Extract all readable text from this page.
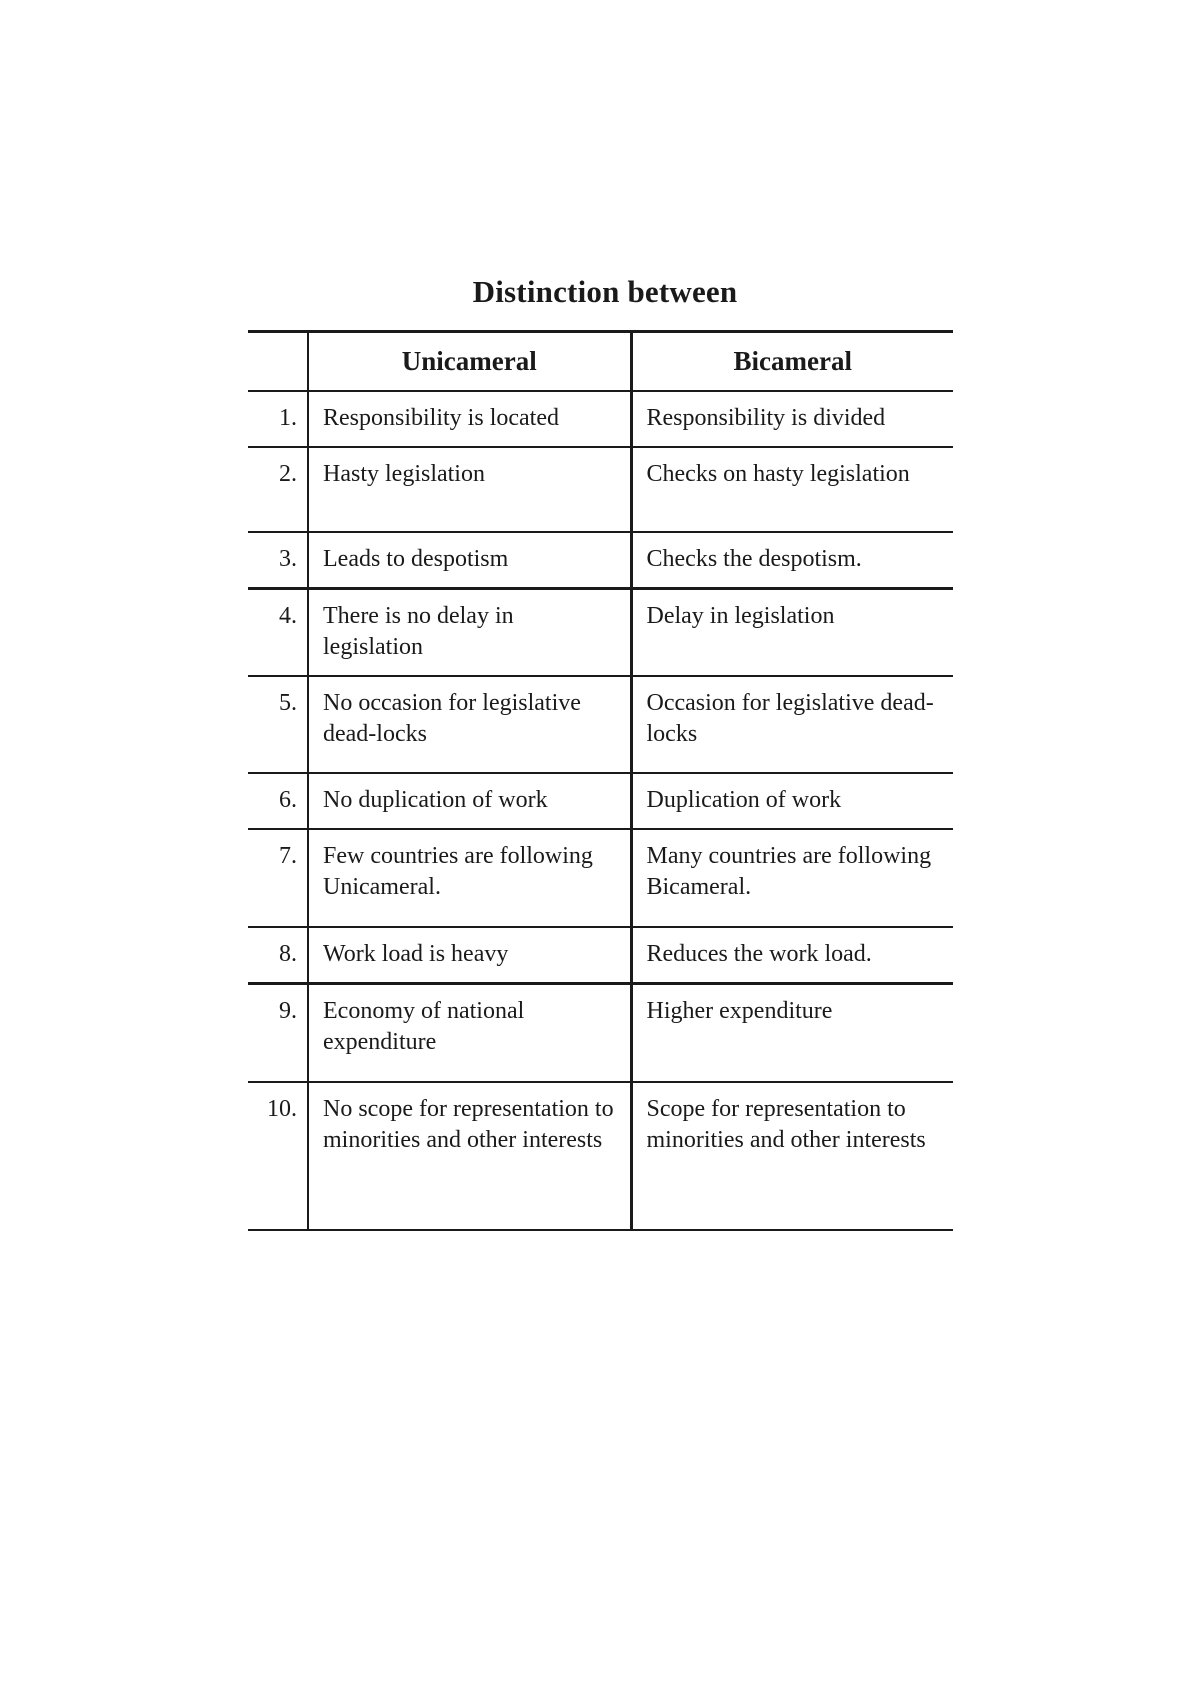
Distinction between
	Unicameral	Bicameral
1.	Responsibility is located	Responsibility is divided
2.	Hasty legislation	Checks on hasty legislation
3.	Leads to despotism	Checks the despotism.
4.	There is no delay in legislation	Delay in legislation
5.	No occasion for legislative dead-locks	Occasion for legislative dead-locks
6.	No duplication of work	Duplication of work
7.	Few countries are following Unicameral.	Many countries are following Bicameral.
8.	Work load is heavy	Reduces the work load.
9.	Economy of national expenditure	Higher expenditure
10.	No scope for representation to minorities and other interests	Scope for representation to minorities and other interests
